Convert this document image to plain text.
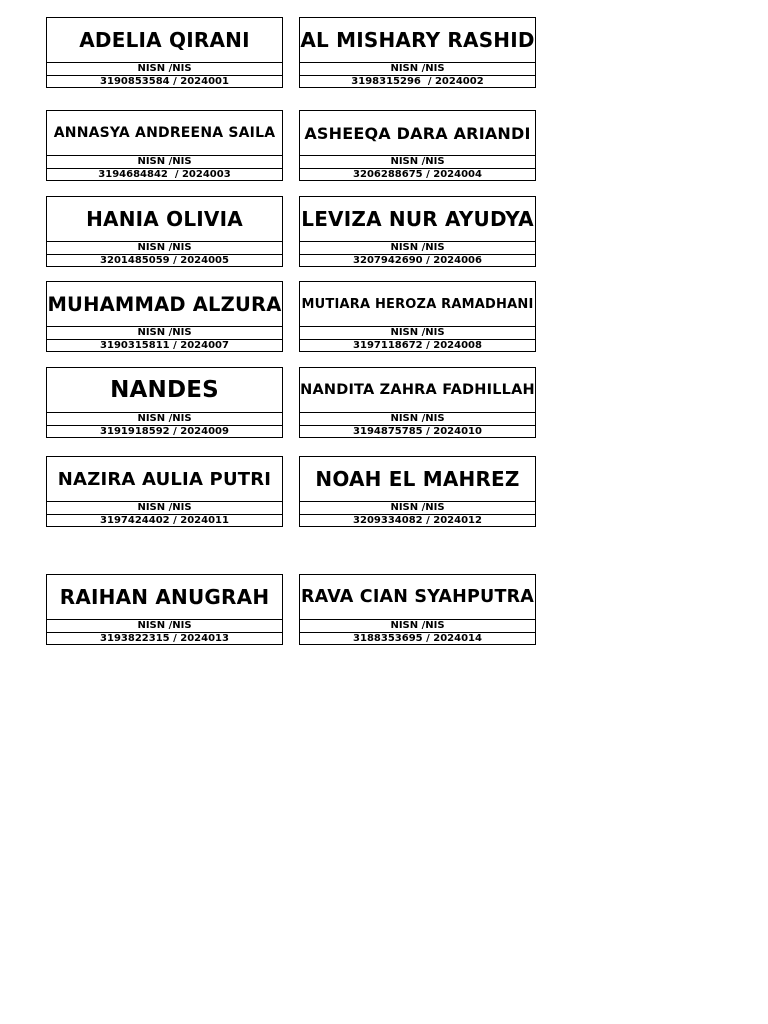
ADELIA QIRANI
NISN /NIS
3190853584 / 2024001
AL MISHARY RASHID
NISN /NIS
3198315296  / 2024002
ANNASYA ANDREENA SAILA
NISN /NIS
3194684842  / 2024003
ASHEEQA DARA ARIANDI
NISN /NIS
3206288675 / 2024004
HANIA OLIVIA
NISN /NIS
3201485059 / 2024005
LEVIZA NUR AYUDYA
NISN /NIS
3207942690 / 2024006
MUHAMMAD ALZURA
NISN /NIS
3190315811 / 2024007
MUTIARA HEROZA RAMADHANI
NISN /NIS
3197118672 / 2024008
NANDES
NISN /NIS
3191918592 / 2024009
NANDITA ZAHRA FADHILLAH
NISN /NIS
3194875785 / 2024010
NAZIRA AULIA PUTRI
NISN /NIS
3197424402 / 2024011
NOAH EL MAHREZ
NISN /NIS
3209334082 / 2024012
RAIHAN ANUGRAH
NISN /NIS
3193822315 / 2024013
RAVA CIAN SYAHPUTRA
NISN /NIS
3188353695 / 2024014
